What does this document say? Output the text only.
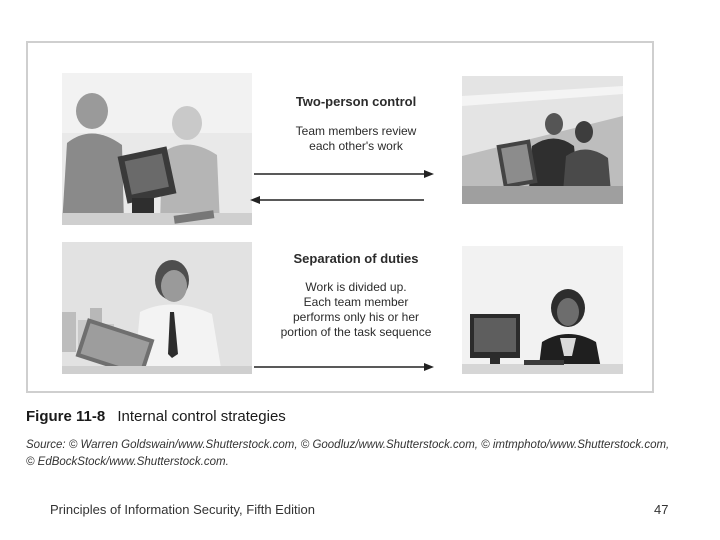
Two-person control
Team members review
each other's work
Separation of duties
Work is divided up.
Each team member
performs only his or her
portion of the task sequence
Figure 11-8 Internal control strategies
Source: © Warren Goldswain/www.Shutterstock.com, © Goodluz/www.Shutterstock.com, © imtmphoto/www.Shutterstock.com,
© EdBockStock/www.Shutterstock.com.
Principles of Information Security, Fifth Edition	47
